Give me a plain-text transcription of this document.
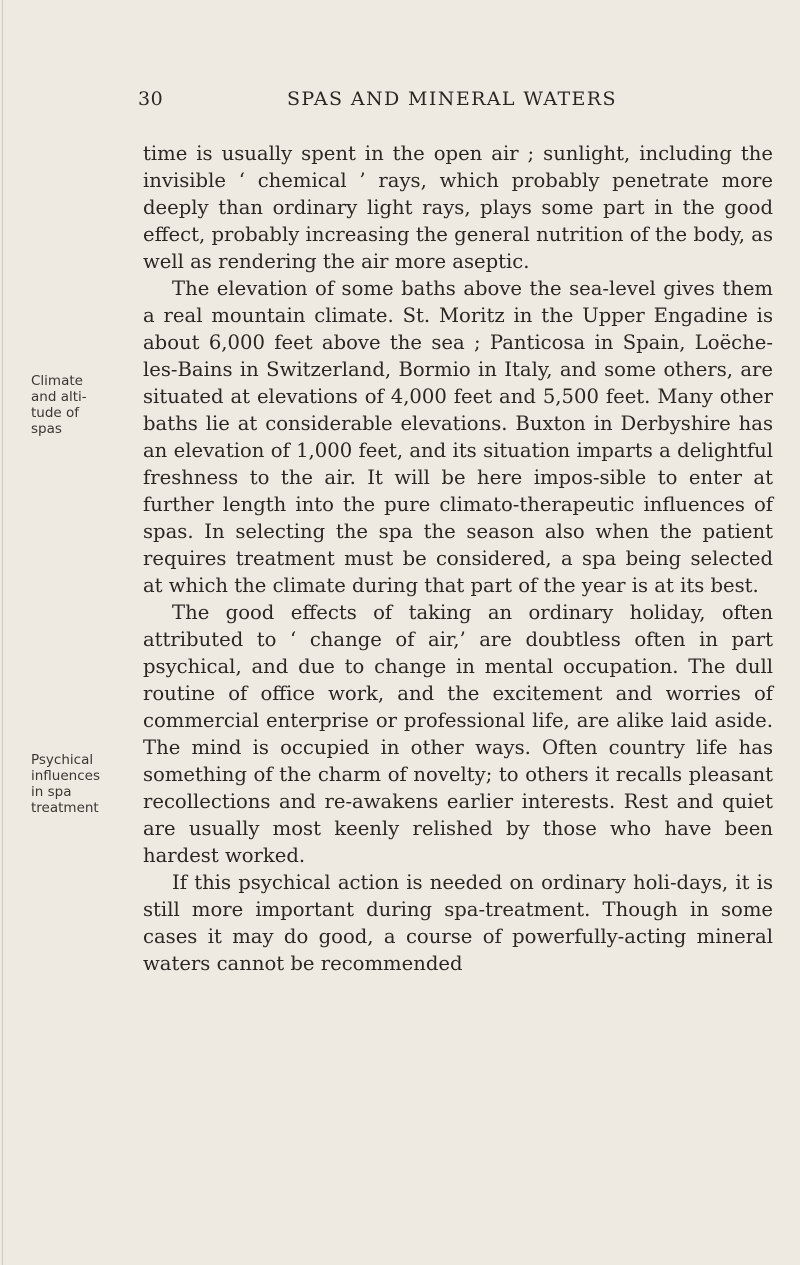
30	SPAS AND MINERAL WATERS
Climate
and alti-
tude of
spas
Psychical
influences
in spa
treatment

time is usually spent in the open air ; sunlight, including the invisible ‘ chemical ’ rays, which probably penetrate more deeply than ordinary light rays, plays some part in the good effect, probably increasing the general nutrition of the body, as well as rendering the air more aseptic.

The elevation of some baths above the sea-level gives them a real mountain climate. St. Moritz in the Upper Engadine is about 6,000 feet above the sea ; Panticosa in Spain, Loëche-les-Bains in Switzerland, Bormio in Italy, and some others, are situated at elevations of 4,000 feet and 5,500 feet. Many other baths lie at considerable elevations. Buxton in Derbyshire has an elevation of 1,000 feet, and its situation imparts a delightful freshness to the air. It will be here impos-sible to enter at further length into the pure climato-therapeutic influences of spas. In selecting the spa the season also when the patient requires treatment must be considered, a spa being selected at which the climate during that part of the year is at its best.

The good effects of taking an ordinary holiday, often attributed to ‘ change of air,’ are doubtless often in part psychical, and due to change in mental occupation. The dull routine of office work, and the excitement and worries of commercial enterprise or professional life, are alike laid aside. The mind is occupied in other ways. Often country life has something of the charm of novelty; to others it recalls pleasant recollections and re-awakens earlier interests. Rest and quiet are usually most keenly relished by those who have been hardest worked.

If this psychical action is needed on ordinary holi-days, it is still more important during spa-treatment. Though in some cases it may do good, a course of powerfully-acting mineral waters cannot be recommended
